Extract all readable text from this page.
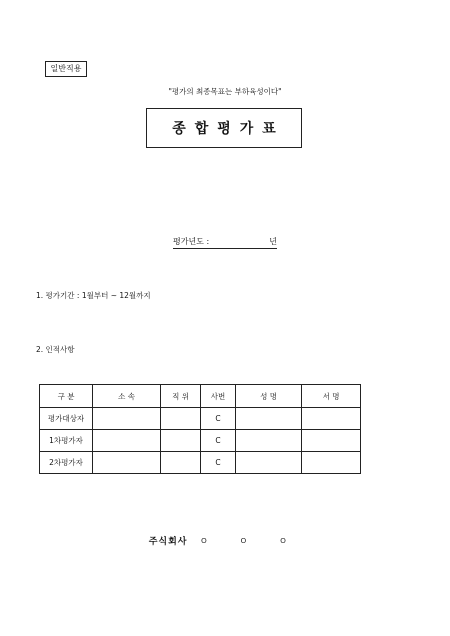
일반직용
"평가의 최종목표는 부하육성이다"
종합평가표
평가년도 :	년
1. 평가기간 : 1월부터 ~ 12월까지
2. 인적사항
구 분	소 속	직 위	사번	성 명	서 명
평가대상자			C		
1차평가자			C		
2차평가자			C		
주식회사 ㅇ ㅇ ㅇ
